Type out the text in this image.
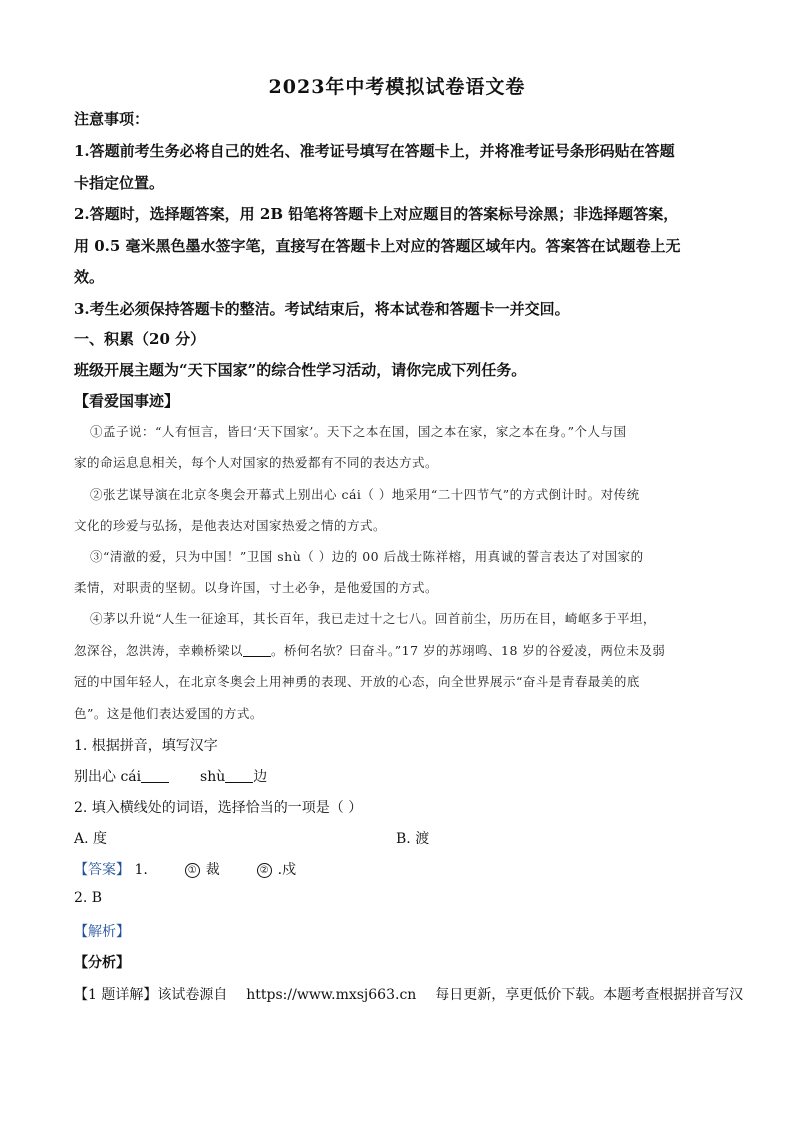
2023年中考模拟试卷语文卷
注意事项：
1.答题前考生务必将自己的姓名、准考证号填写在答题卡上，并将准考证号条形码贴在答题
卡指定位置。
2.答题时，选择题答案，用 2B 铅笔将答题卡上对应题目的答案标号涂黑；非选择题答案，
用 0.5 毫米黑色墨水签字笔，直接写在答题卡上对应的答题区域年内。答案答在试题卷上无
效。
3.考生必须保持答题卡的整洁。考试结束后，将本试卷和答题卡一并交回。
一、积累（20 分）
班级开展主题为“天下国家”的综合性学习活动，请你完成下列任务。
【看爱国事迹】
①孟子说：“人有恒言，皆曰‘天下国家’。天下之本在国，国之本在家，家之本在身。”个人与国
家的命运息息相关，每个人对国家的热爱都有不同的表达方式。
②张艺谋导演在北京冬奥会开幕式上别出心 cái（ ）地采用“二十四节气”的方式倒计时。对传统
文化的珍爱与弘扬，是他表达对国家热爱之情的方式。
③“清澈的爱，只为中国！”卫国 shù（ ）边的 00 后战士陈祥榕，用真诚的誓言表达了对国家的
柔情，对职责的坚韧。以身许国，寸土必争，是他爱国的方式。
④茅以升说“人生一征途耳，其长百年，我已走过十之七八。回首前尘，历历在目，崎岖多于平坦，
忽深谷，忽洪涛，幸赖桥梁以 。桥何名欤？曰奋斗。”17 岁的苏翊鸣、18 岁的谷爱凌，两位未及弱
冠的中国年轻人，在北京冬奥会上用神勇的表现、开放的心态，向全世界展示“奋斗是青春最美的底
色”。这是他们表达爱国的方式。
1. 根据拼音，填写汉字
别出心 cái	shù 边
2. 填入横线处的词语，选择恰当的一项是（ ）
A. 度	B. 渡
【答案】 1.	① 裁	② .戍
2. B
【解析】
【分析】
【1 题详解】该试卷源自 https://www.mxsj663.cn 每日更新，享更低价下载。本题考查根据拼音写汉
